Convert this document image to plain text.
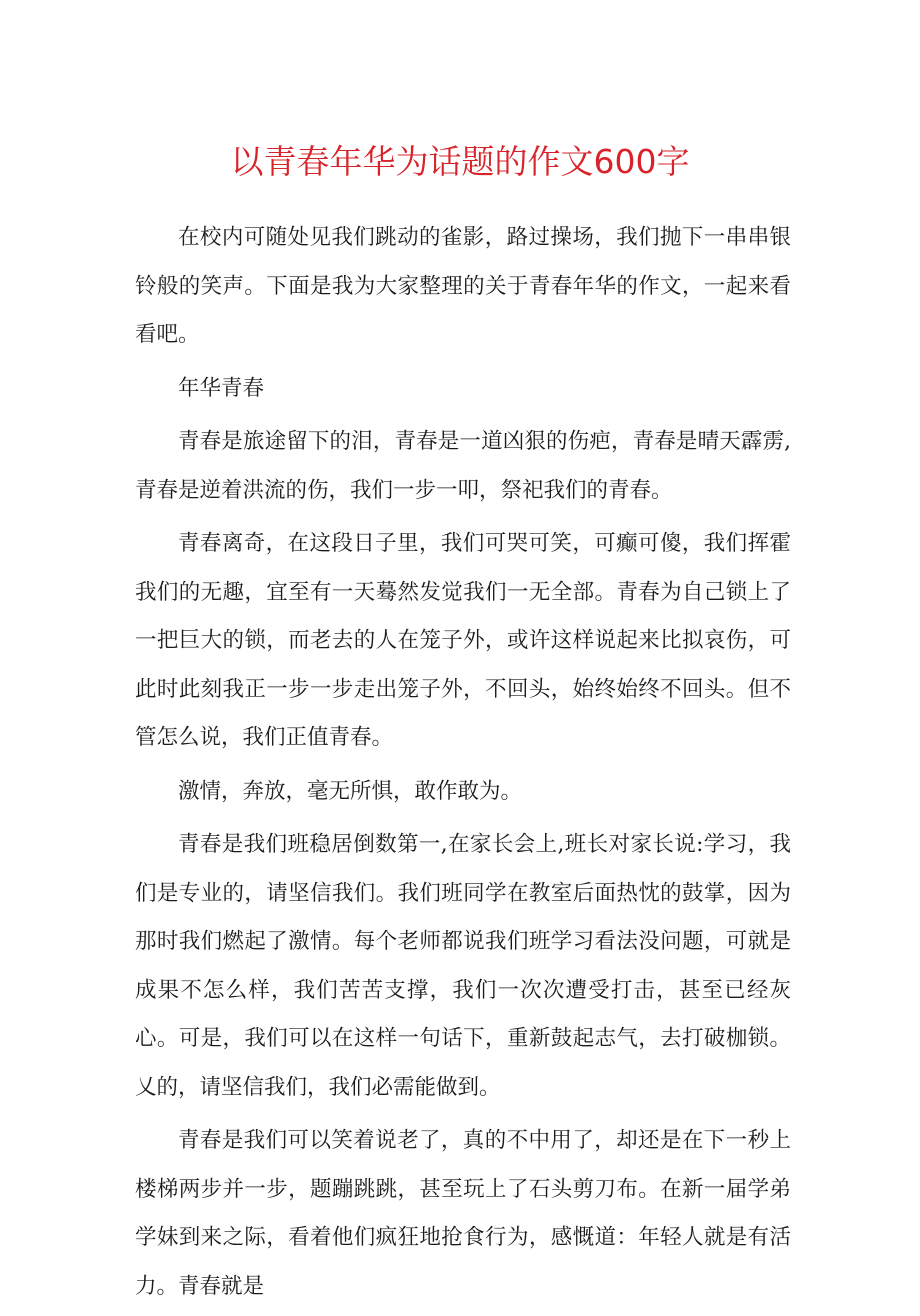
以青春年华为话题的作文600字

在校内可随处见我们跳动的雀影，路过操场，我们抛下一串串银铃般的笑声。下面是我为大家整理的关于青春年华的作文，一起来看看吧。

年华青春

青春是旅途留下的泪，青春是一道凶狠的伤疤，青春是晴天霹雳,青春是逆着洪流的伤，我们一步一叩，祭祀我们的青春。

青春离奇，在这段日子里，我们可哭可笑，可癫可傻，我们挥霍我们的无趣，宜至有一天蓦然发觉我们一无全部。青春为自己锁上了一把巨大的锁，而老去的人在笼子外，或许这样说起来比拟哀伤，可此时此刻我正一步一步走出笼子外，不回头，始终始终不回头。但不管怎么说，我们正值青春。

激情，奔放，毫无所惧，敢作敢为。

青春是我们班稳居倒数第一,在家长会上,班长对家长说:学习，我们是专业的，请坚信我们。我们班同学在教室后面热忱的鼓掌，因为那时我们燃起了激情。每个老师都说我们班学习看法没问题，可就是成果不怎么样，我们苦苦支撑，我们一次次遭受打击，甚至已经灰心。可是，我们可以在这样一句话下，重新鼓起志气，去打破枷锁。乂的，请坚信我们，我们必需能做到。

青春是我们可以笑着说老了，真的不中用了，却还是在下一秒上楼梯两步并一步，题蹦跳跳，甚至玩上了石头剪刀布。在新一届学弟学妹到来之际，看着他们疯狂地抢食行为，感慨道：年轻人就是有活力。青春就是
